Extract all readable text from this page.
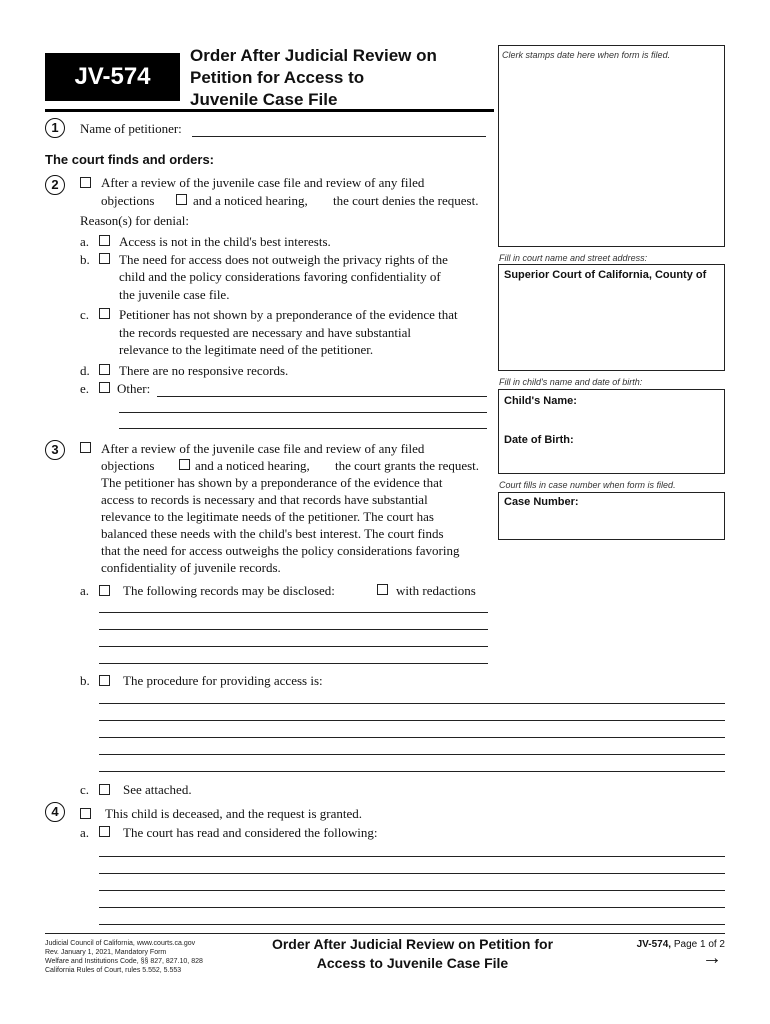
JV-574
Order After Judicial Review on
Petition for Access to
Juvenile Case File
Clerk stamps date here when form is filed.
Fill in court name and street address:
Superior Court of California, County of
Fill in child's name and date of birth:
Child's Name:
Date of Birth:
Court fills in case number when form is filed.
Case Number:
1	Name of petitioner:
The court finds and orders:
2	After a review of the juvenile case file and review of any filed
objections	and a noticed hearing, the court denies the request.
Reason(s) for denial:
a. Access is not in the child's best interests.
b. The need for access does not outweigh the privacy rights of the
child and the policy considerations favoring confidentiality of
the juvenile case file.
c. Petitioner has not shown by a preponderance of the evidence that
the records requested are necessary and have substantial
relevance to the legitimate need of the petitioner.
d. There are no responsive records.
e. Other:
3	After a review of the juvenile case file and review of any filed
objections	and a noticed hearing, the court grants the request.
The petitioner has shown by a preponderance of the evidence that
access to records is necessary and that records have substantial
relevance to the legitimate needs of the petitioner. The court has
balanced these needs with the child's best interest. The court finds
that the need for access outweighs the policy considerations favoring
confidentiality of juvenile records.
a.	The following records may be disclosed:	with redactions
b.	The procedure for providing access is:
c.	See attached.
4	This child is deceased, and the request is granted.
a.	The court has read and considered the following:
Judicial Council of California, www.courts.ca.gov
Rev. January 1, 2021, Mandatory Form
Welfare and Institutions Code, §§ 827, 827.10, 828
California Rules of Court, rules 5.552, 5.553
Order After Judicial Review on Petition for
Access to Juvenile Case File
JV-574, Page 1 of 2
→
